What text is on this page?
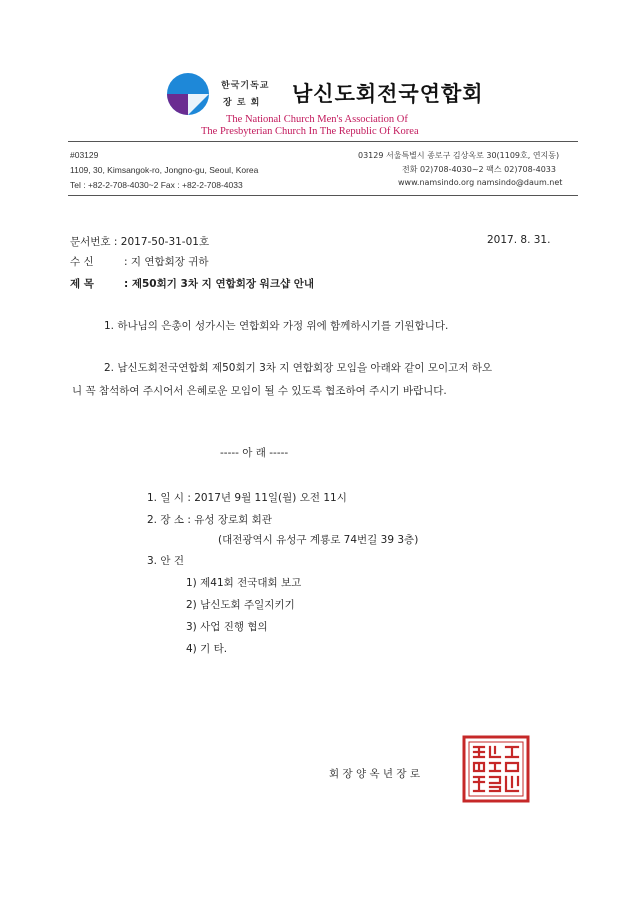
한국기독교
장 로 회 남신도회전국연합회
The National Church Men's Association Of
The Presbyterian Church In The Republic Of Korea
#03129
1109, 30, Kimsangok-ro, Jongno-gu, Seoul, Korea
Tel : +82-2-708-4030~2 Fax : +82-2-708-4033
03129 서울특별시 종로구 김상옥로 30(1109호, 연지동)
전화 02)708-4030~2 팩스 02)708-4033
www.namsindo.org namsindo@daum.net
문서번호 : 2017-50-31-01호	2017. 8. 31.
수 신	: 지 연합회장 귀하
제 목	: 제50회기 3차 지 연합회장 워크샵 안내
1. 하나님의 은총이 성가시는 연합회와 가정 위에 함께하시기를 기원합니다.
2. 남신도회전국연합회 제50회기 3차 지 연합회장 모임을 아래와 같이 모이고저 하오
니 꼭 참석하여 주시어서 은혜로운 모임이 될 수 있도록 협조하여 주시기 바랍니다.
----- 아 래 -----
1. 일 시 : 2017년 9월 11일(월) 오전 11시
2. 장 소 : 유성 장로회 회관
(대전광역시 유성구 계룡로 74번길 39 3층)
3. 안 건
1) 제41회 전국대회 보고
2) 남신도회 주일지키기
3) 사업 진행 협의
4) 기 타.
회 장 양 옥 년 장 로
